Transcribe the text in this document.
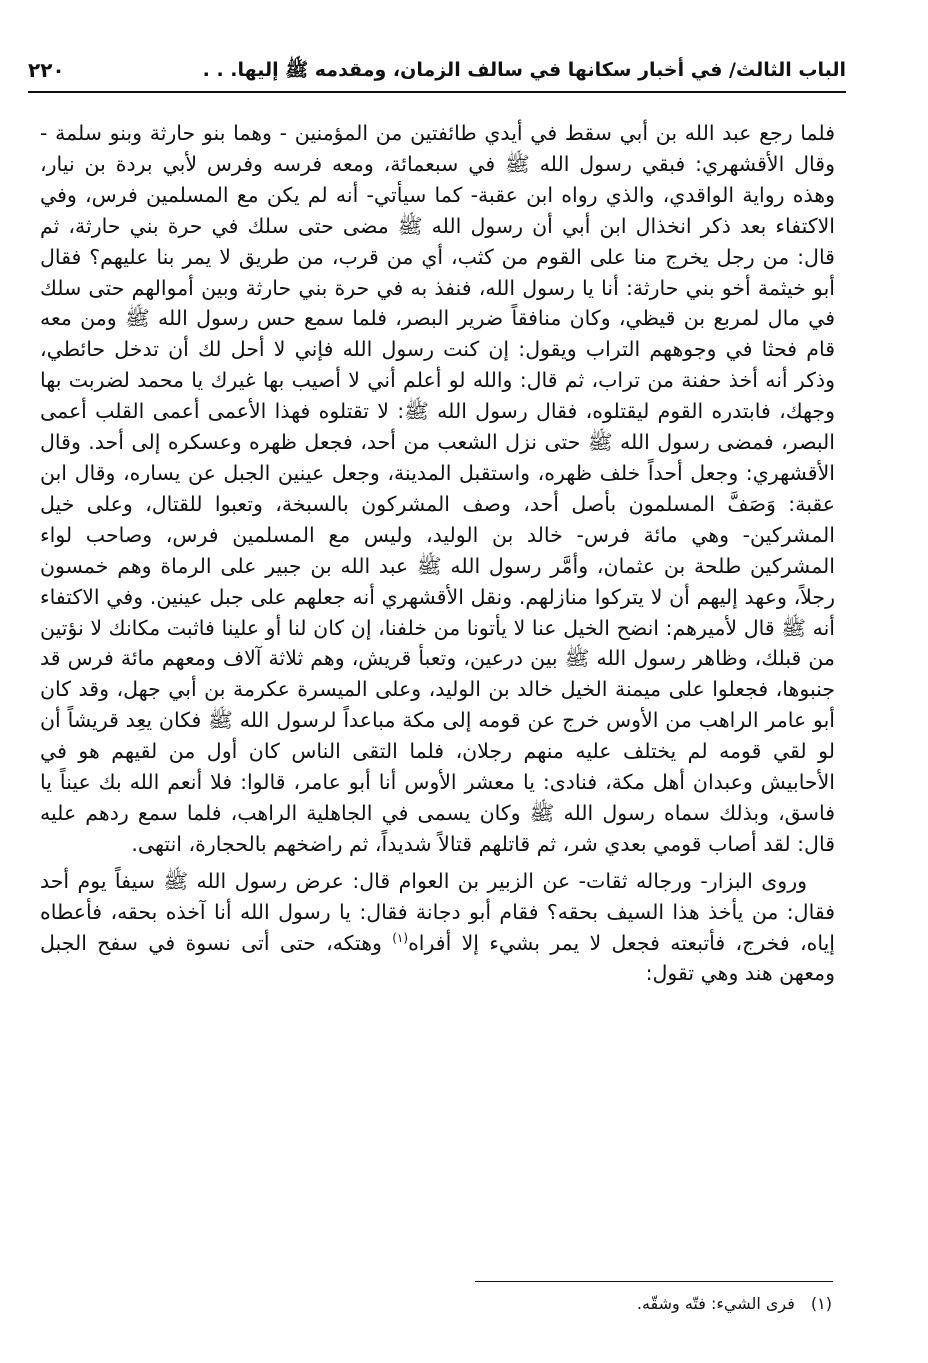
الباب الثالث/ في أخبار سكانها في سالف الزمان، ومقدمه ﷺ إليها. . .
٢٢٠

فلما رجع عبد الله بن أبي سقط في أيدي طائفتين من المؤمنين - وهما بنو حارثة وبنو سلمة - وقال الأقشهري: فبقي رسول الله ﷺ في سبعمائة، ومعه فرسه وفرس لأبي بردة بن نيار، وهذه رواية الواقدي، والذي رواه ابن عقبة- كما سيأتي- أنه لم يكن مع المسلمين فرس، وفي الاكتفاء بعد ذكر انخذال ابن أبي أن رسول الله ﷺ مضى حتى سلك في حرة بني حارثة، ثم قال: من رجل يخرج منا على القوم من كثب، أي من قرب، من طريق لا يمر بنا عليهم؟ فقال أبو خيثمة أخو بني حارثة: أنا يا رسول الله، فنفذ به في حرة بني حارثة وبين أموالهم حتى سلك في مال لمربع بن قيظي، وكان منافقاً ضرير البصر، فلما سمع حس رسول الله ﷺ ومن معه قام فحثا في وجوههم التراب ويقول: إن كنت رسول الله فإني لا أحل لك أن تدخل حائطي، وذكر أنه أخذ حفنة من تراب، ثم قال: والله لو أعلم أني لا أصيب بها غيرك يا محمد لضربت بها وجهك، فابتدره القوم ليقتلوه، فقال رسول الله ﷺ: لا تقتلوه فهذا الأعمى أعمى القلب أعمى البصر، فمضى رسول الله ﷺ حتى نزل الشعب من أحد، فجعل ظهره وعسكره إلى أحد. وقال الأقشهري: وجعل أحداً خلف ظهره، واستقبل المدينة، وجعل عينين الجبل عن يساره، وقال ابن عقبة: وَصَفَّ المسلمون بأصل أحد، وصف المشركون بالسبخة، وتعبوا للقتال، وعلى خيل المشركين- وهي مائة فرس- خالد بن الوليد، وليس مع المسلمين فرس، وصاحب لواء المشركين طلحة بن عثمان، وأمَّر رسول الله ﷺ عبد الله بن جبير على الرماة وهم خمسون رجلاً، وعهد إليهم أن لا يتركوا منازلهم. ونقل الأقشهري أنه جعلهم على جبل عينين. وفي الاكتفاء أنه ﷺ قال لأميرهم: انضح الخيل عنا لا يأتونا من خلفنا، إن كان لنا أو علينا فاثبت مكانك لا نؤتين من قبلك، وظاهر رسول الله ﷺ بين درعين، وتعبأ قريش، وهم ثلاثة آلاف ومعهم مائة فرس قد جنبوها، فجعلوا على ميمنة الخيل خالد بن الوليد، وعلى الميسرة عكرمة بن أبي جهل، وقد كان أبو عامر الراهب من الأوس خرج عن قومه إلى مكة مباعداً لرسول الله ﷺ فكان يعِد قريشاً أن لو لقي قومه لم يختلف عليه منهم رجلان، فلما التقى الناس كان أول من لقيهم هو في الأحابيش وعبدان أهل مكة، فنادى: يا معشر الأوس أنا أبو عامر، قالوا: فلا أنعم الله بك عيناً يا فاسق، وبذلك سماه رسول الله ﷺ وكان يسمى في الجاهلية الراهب، فلما سمع ردهم عليه قال: لقد أصاب قومي بعدي شر، ثم قاتلهم قتالاً شديداً، ثم راضخهم بالحجارة، انتهى.

وروى البزار- ورجاله ثقات- عن الزبير بن العوام قال: عرض رسول الله ﷺ سيفاً يوم أحد فقال: من يأخذ هذا السيف بحقه؟ فقام أبو دجانة فقال: يا رسول الله أنا آخذه بحقه، فأعطاه إياه، فخرج، فأتبعته فجعل لا يمر بشيء إلا أفراه$^{(١)}$ وهتكه، حتى أتى نسوة في سفح الجبل ومعهن هند وهي تقول:

(١)فرى الشيء: فتّه وشقّه.
